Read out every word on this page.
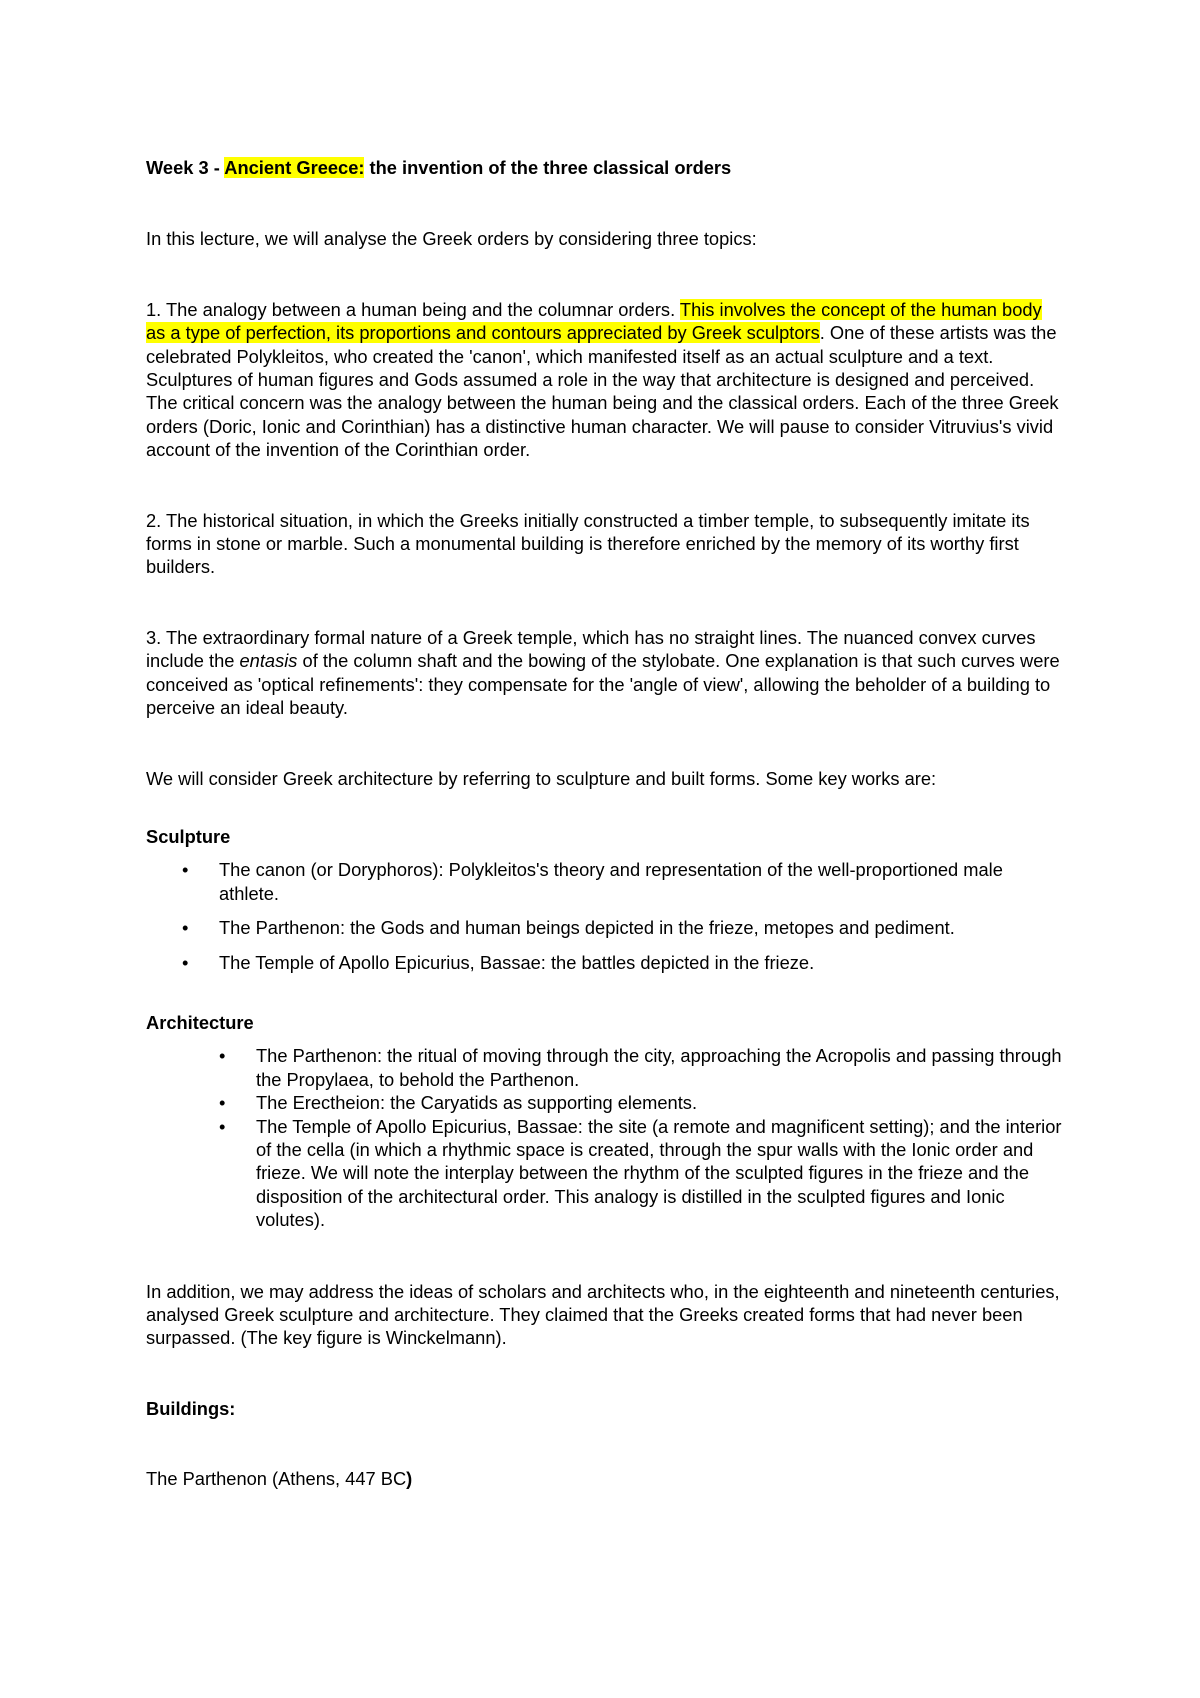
Week 3 - Ancient Greece: the invention of the three classical orders

In this lecture, we will analyse the Greek orders by considering three topics:

1. The analogy between a human being and the columnar orders. This involves the concept of the human body as a type of perfection, its proportions and contours appreciated by Greek sculptors. One of these artists was the celebrated Polykleitos, who created the 'canon', which manifested itself as an actual sculpture and a text. Sculptures of human figures and Gods assumed a role in the way that architecture is designed and perceived. The critical concern was the analogy between the human being and the classical orders. Each of the three Greek orders (Doric, Ionic and Corinthian) has a distinctive human character. We will pause to consider Vitruvius's vivid account of the invention of the Corinthian order.

2. The historical situation, in which the Greeks initially constructed a timber temple, to subsequently imitate its forms in stone or marble. Such a monumental building is therefore enriched by the memory of its worthy first builders.

3. The extraordinary formal nature of a Greek temple, which has no straight lines. The nuanced convex curves include the entasis of the column shaft and the bowing of the stylobate. One explanation is that such curves were conceived as 'optical refinements': they compensate for the 'angle of view', allowing the beholder of a building to perceive an ideal beauty.

We will consider Greek architecture by referring to sculpture and built forms. Some key works are:

Sculpture

• The canon (or Doryphoros): Polykleitos's theory and representation of the well-proportioned male athlete.
• The Parthenon: the Gods and human beings depicted in the frieze, metopes and pediment.
• The Temple of Apollo Epicurius, Bassae: the battles depicted in the frieze.

Architecture

• The Parthenon: the ritual of moving through the city, approaching the Acropolis and passing through the Propylaea, to behold the Parthenon.
• The Erectheion: the Caryatids as supporting elements.
• The Temple of Apollo Epicurius, Bassae: the site (a remote and magnificent setting); and the interior of the cella (in which a rhythmic space is created, through the spur walls with the Ionic order and frieze. We will note the interplay between the rhythm of the sculpted figures in the frieze and the disposition of the architectural order. This analogy is distilled in the sculpted figures and Ionic volutes).

In addition, we may address the ideas of scholars and architects who, in the eighteenth and nineteenth centuries, analysed Greek sculpture and architecture. They claimed that the Greeks created forms that had never been surpassed. (The key figure is Winckelmann).

Buildings:

The Parthenon (Athens, 447 BC)
